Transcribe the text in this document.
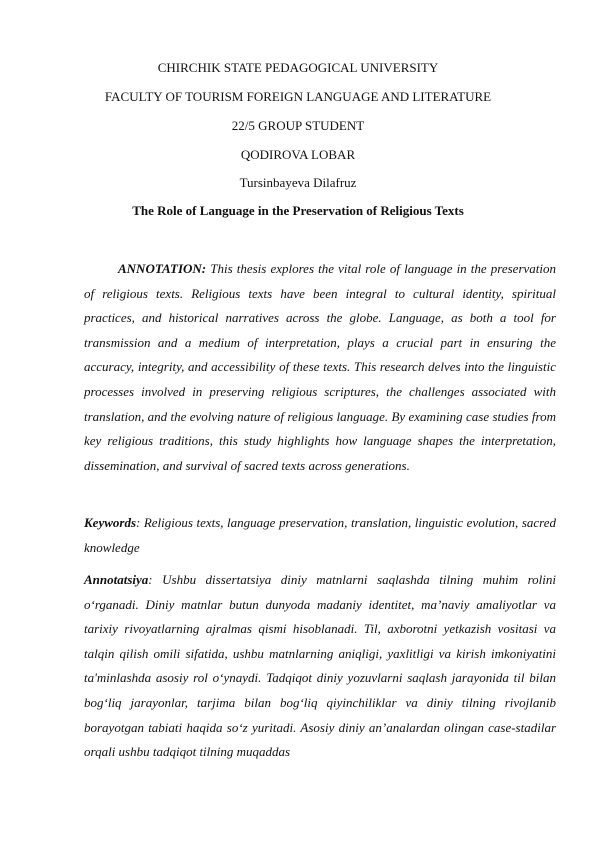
CHIRCHIK STATE PEDAGOGICAL UNIVERSITY
FACULTY OF TOURISM FOREIGN LANGUAGE AND LITERATURE
22/5 GROUP STUDENT
QODIROVA LOBAR
Tursinbayeva Dilafruz
The Role of Language in the Preservation of Religious Texts

ANNOTATION: This thesis explores the vital role of language in the preservation of religious texts. Religious texts have been integral to cultural identity, spiritual practices, and historical narratives across the globe. Language, as both a tool for transmission and a medium of interpretation, plays a crucial part in ensuring the accuracy, integrity, and accessibility of these texts. This research delves into the linguistic processes involved in preserving religious scriptures, the challenges associated with translation, and the evolving nature of religious language. By examining case studies from key religious traditions, this study highlights how language shapes the interpretation, dissemination, and survival of sacred texts across generations.

Keywords: Religious texts, language preservation, translation, linguistic evolution, sacred knowledge

Annotatsiya: Ushbu dissertatsiya diniy matnlarni saqlashda tilning muhim rolini o‘rganadi. Diniy matnlar butun dunyoda madaniy identitet, ma’naviy amaliyotlar va tarixiy rivoyatlarning ajralmas qismi hisoblanadi. Til, axborotni yetkazish vositasi va talqin qilish omili sifatida, ushbu matnlarning aniqligi, yaxlitligi va kirish imkoniyatini ta'minlashda asosiy rol o‘ynaydi. Tadqiqot diniy yozuvlarni saqlash jarayonida til bilan bog‘liq jarayonlar, tarjima bilan bog‘liq qiyinchiliklar va diniy tilning rivojlanib borayotgan tabiati haqida so‘z yuritadi. Asosiy diniy an’analardan olingan case-stadilar orqali ushbu tadqiqot tilning muqaddas
